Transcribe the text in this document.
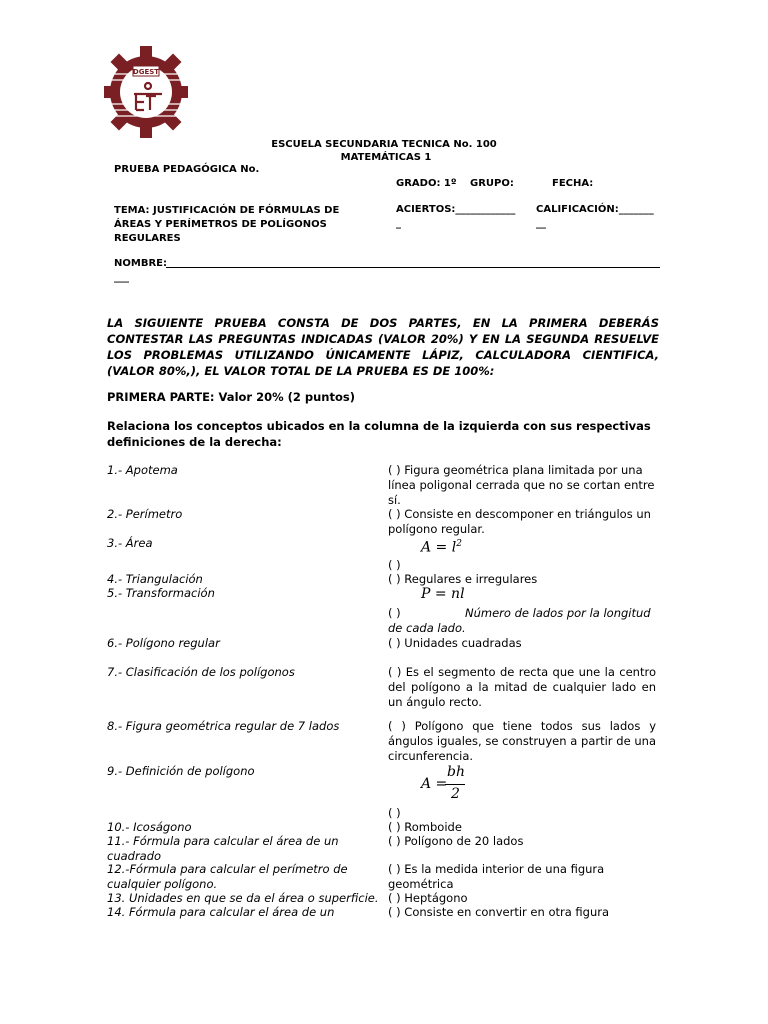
DGEST
ESCUELA SECUNDARIA TECNICA No. 100
MATEMÁTICAS 1
PRUEBA PEDAGÓGICA No.
GRADO: 1º GRUPO:	FECHA:
TEMA: JUSTIFICACIÓN DE FÓRMULAS DE ÁREAS Y PERÍMETROS DE POLÍGONOS REGULARES
ACIERTOS:____________
_
CALIFICACIÓN:_______
__
NOMBRE:
___
LA SIGUIENTE PRUEBA CONSTA DE DOS PARTES, EN LA PRIMERA DEBERÁS CONTESTAR LAS PREGUNTAS INDICADAS (VALOR 20%) Y EN LA SEGUNDA RESUELVE LOS PROBLEMAS UTILIZANDO ÚNICAMENTE LÁPIZ, CALCULADORA CIENTIFICA, (VALOR 80%,), EL VALOR TOTAL DE LA PRUEBA ES DE 100%:
PRIMERA PARTE: Valor 20% (2 puntos)
Relaciona los conceptos ubicados en la columna de la izquierda con sus respectivas definiciones de la derecha:
1.- Apotema
2.- Perímetro
3.- Área
4.- Triangulación
5.- Transformación
6.- Polígono regular
7.- Clasificación de los polígonos
8.- Figura geométrica regular de 7 lados
9.- Definición de polígono
10.- Icoságono
11.- Fórmula para calcular el área de un cuadrado
12.-Fórmula para calcular el perímetro de cualquier polígono.
13. Unidades en que se da el área o superficie.
14. Fórmula para calcular el área de un
( ) Figura geométrica plana limitada por una línea poligonal cerrada que no se cortan entre sí.
( ) Consiste en descomponer en triángulos un polígono regular.
$A = l^2$
( )
( ) Regulares e irregulares
P = nl
( )	Número de lados por la longitud de cada lado.
( ) Unidades cuadradas
( ) Es el segmento de recta que une la centro del polígono a la mitad de cualquier lado en un ángulo recto.
( ) Polígono que tiene todos sus lados y ángulos iguales, se construyen a partir de una circunferencia.
A =
bh
2
( )
( ) Romboide
( ) Polígono de 20 lados
( ) Es la medida interior de una figura geométrica
( ) Heptágono
( ) Consiste en convertir en otra figura
